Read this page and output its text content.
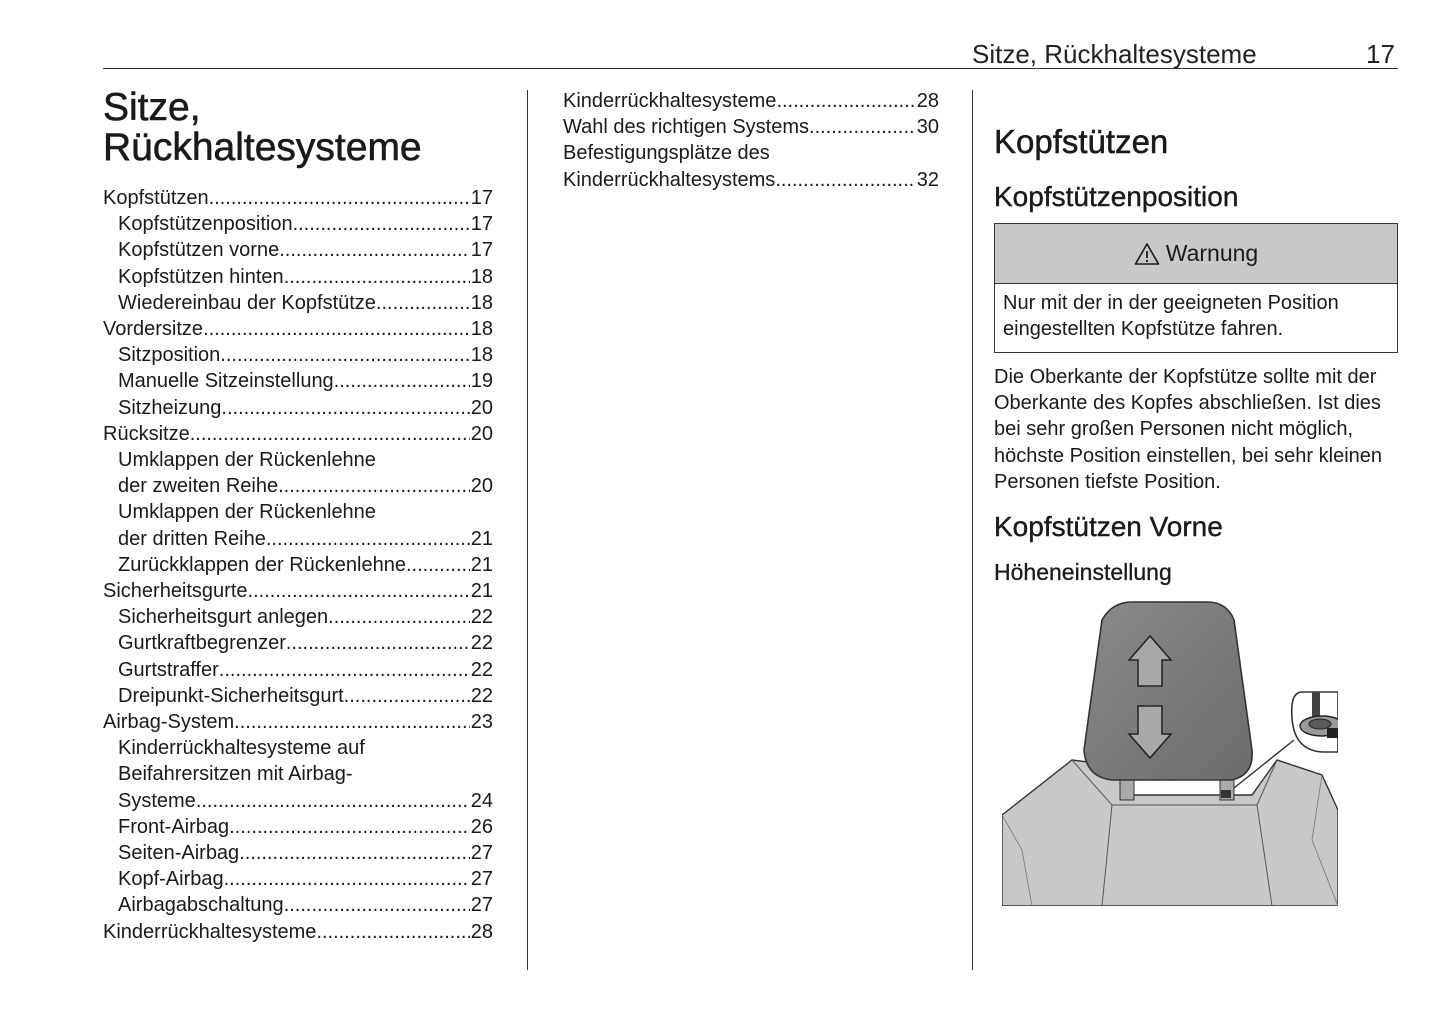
Sitze, Rückhaltesysteme	17
Sitze,
Rückhaltesysteme
Kopfstützen .....	17
Kopfstützenposition .....	17
Kopfstützen vorne .....	17
Kopfstützen hinten .....	18
Wiedereinbau der Kopfstütze .....	18
Vordersitze .....	18
Sitzposition .....	18
Manuelle Sitzeinstellung .....	19
Sitzheizung .....	20
Rücksitze .....	20
Umklappen der Rückenlehne
der zweiten Reihe .....	20
Umklappen der Rückenlehne
der dritten Reihe .....	21
Zurückklappen der Rückenlehne .....	21
Sicherheitsgurte .....	21
Sicherheitsgurt anlegen .....	22
Gurtkraftbegrenzer .....	22
Gurtstraffer .....	22
Dreipunkt-Sicherheitsgurt .....	22
Airbag-System .....	23
Kinderrückhaltesysteme auf
Beifahrersitzen mit Airbag-
Systeme .....	24
Front-Airbag .....	26
Seiten-Airbag .....	27
Kopf-Airbag .....	27
Airbagabschaltung .....	27
Kinderrückhaltesysteme .....	28
Kinderrückhaltesysteme .....	28
Wahl des richtigen Systems .....	30
Befestigungsplätze des
Kinderrückhaltesystems .....	32
Kopfstützen
Kopfstützenposition
Warnung
Nur mit der in der geeigneten Position eingestellten Kopfstütze fahren.
Die Oberkante der Kopfstütze sollte mit der Oberkante des Kopfes abschließen. Ist dies bei sehr großen Personen nicht möglich, höchste Position einstellen, bei sehr kleinen Personen tiefste Position.
Kopfstützen Vorne
Höheneinstellung
